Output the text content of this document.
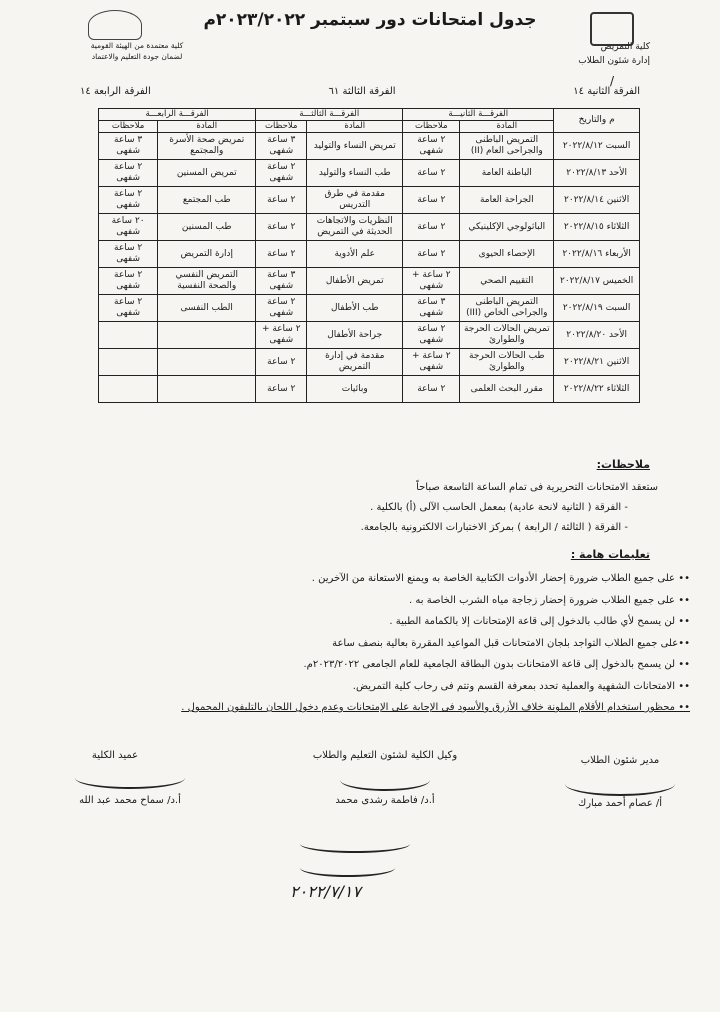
كلية معتمدة من الهيئة القومية
لضمان جودة التعليم والاعتماد
جدول امتحانات دور سبتمبر ٢٠٢٣/٢٠٢٢م
كلية التمريض
إدارة شئون الطلاب
/
الفرقة الثانية ١٤
الفرقة الثالثة ٦١
الفرقة الرابعة ١٤
م والتاريخ	الفرقـــة الثانيـــة		الفرقـــة الثالثـــة		الفرقـــة الرابعـــة	
	المادة	ملاحظات	المادة	ملاحظات	المادة	ملاحظات
السبت ٢٠٢٢/٨/١٢	التمريض الباطنى والجراحى العام (II)	٢ ساعة شفهى	تمريض النساء والتوليد	٣ ساعة شفهى	تمريض صحة الأسرة والمجتمع	٣ ساعة شفهى
الأحد ٢٠٢٢/٨/١٣	الباطنة العامة	٢ ساعة	طب النساء والتوليد	٢ ساعة شفهى	تمريض المسنين	٢ ساعة شفهى
الاثنين ٢٠٢٢/٨/١٤	الجراحة العامة	٢ ساعة	مقدمة في طرق التدريس	٢ ساعة	طب المجتمع	٢ ساعة شفهى
الثلاثاء ٢٠٢٢/٨/١٥	الباثولوجي الإكلينيكي	٢ ساعة	النظريات والاتجاهات الحديثة في التمريض	٢ ساعة	طب المسنين	٢٠ ساعة شفهى
الأربعاء ٢٠٢٢/٨/١٦	الإحصاء الحيوى	٢ ساعة	علم الأدوية	٢ ساعة	إدارة التمريض	٢ ساعة شفهى
الخميس ٢٠٢٢/٨/١٧	التقييم الصحي	٢ ساعة + شفهى	تمريض الأطفال	٣ ساعة شفهى	التمريض النفسي والصحة النفسية	٢ ساعة شفهى
السبت ٢٠٢٢/٨/١٩	التمريض الباطنى والجراحى الخاص (III)	٣ ساعة شفهى	طب الأطفال	٢ ساعة شفهى	الطب النفسى	٢ ساعة شفهى
الأحد ٢٠٢٢/٨/٢٠	تمريض الحالات الحرجة والطوارئ	٢ ساعة شفهى	جراحة الأطفال	٢ ساعة + شفهى		
الاثنين ٢٠٢٢/٨/٢١	طب الحالات الحرجة والطوارئ	٢ ساعة + شفهى	مقدمة في إدارة التمريض	٢ ساعة		
الثلاثاء ٢٠٢٢/٨/٢٢	مقرر البحث العلمى	٢ ساعة	وبائيات	٢ ساعة		
ملاحظات:
ستعقد الامتحانات التحريرية فى تمام الساعة التاسعة صباحاً
- الفرقة ( الثانية لانحة عادية) بمعمل الحاسب الآلى (أ) بالكلية .
- الفرقة ( الثالثة / الرابعة ) بمركز الاختبارات الالكترونية بالجامعة.
تعليمات هامة :
•• على جميع الطلاب ضرورة إحضار الأدوات الكتابية الخاصة به ويمنع الاستعانة من الآخرين .
•• على جميع الطلاب ضرورة إحضار زجاجة مياه الشرب الخاصة به .
•• لن يسمح لأي طالب بالدخول إلى قاعة الإمتحانات إلا بالكمامة الطبية .
••على جميع الطلاب التواجد بلجان الامتحانات قبل المواعيد المقررة بعالية بنصف ساعة
•• لن يسمح بالدخول إلى قاعة الامتحانات بدون البطاقة الجامعية للعام الجامعى ٢٠٢٣/٢٠٢٢م.
•• الامتحانات الشفهية والعملية تحدد بمعرفة القسم وتتم فى رحاب كلية التمريض.
•• محظور استخدام الأقلام الملونة خلاف الأزرق والأسود فى الإجابة على الإمتحانات وعدم دخول اللجان بالتليفون المحمول .
مدير شئون الطلاب
أ/ عصام أحمد مبارك
وكيل الكلية لشئون التعليم والطلاب
أ.د/ فاطمة رشدى محمد
عميد الكلية
أ.د/ سماح محمد عبد الله
٢٠٢٢/٧/١٧
